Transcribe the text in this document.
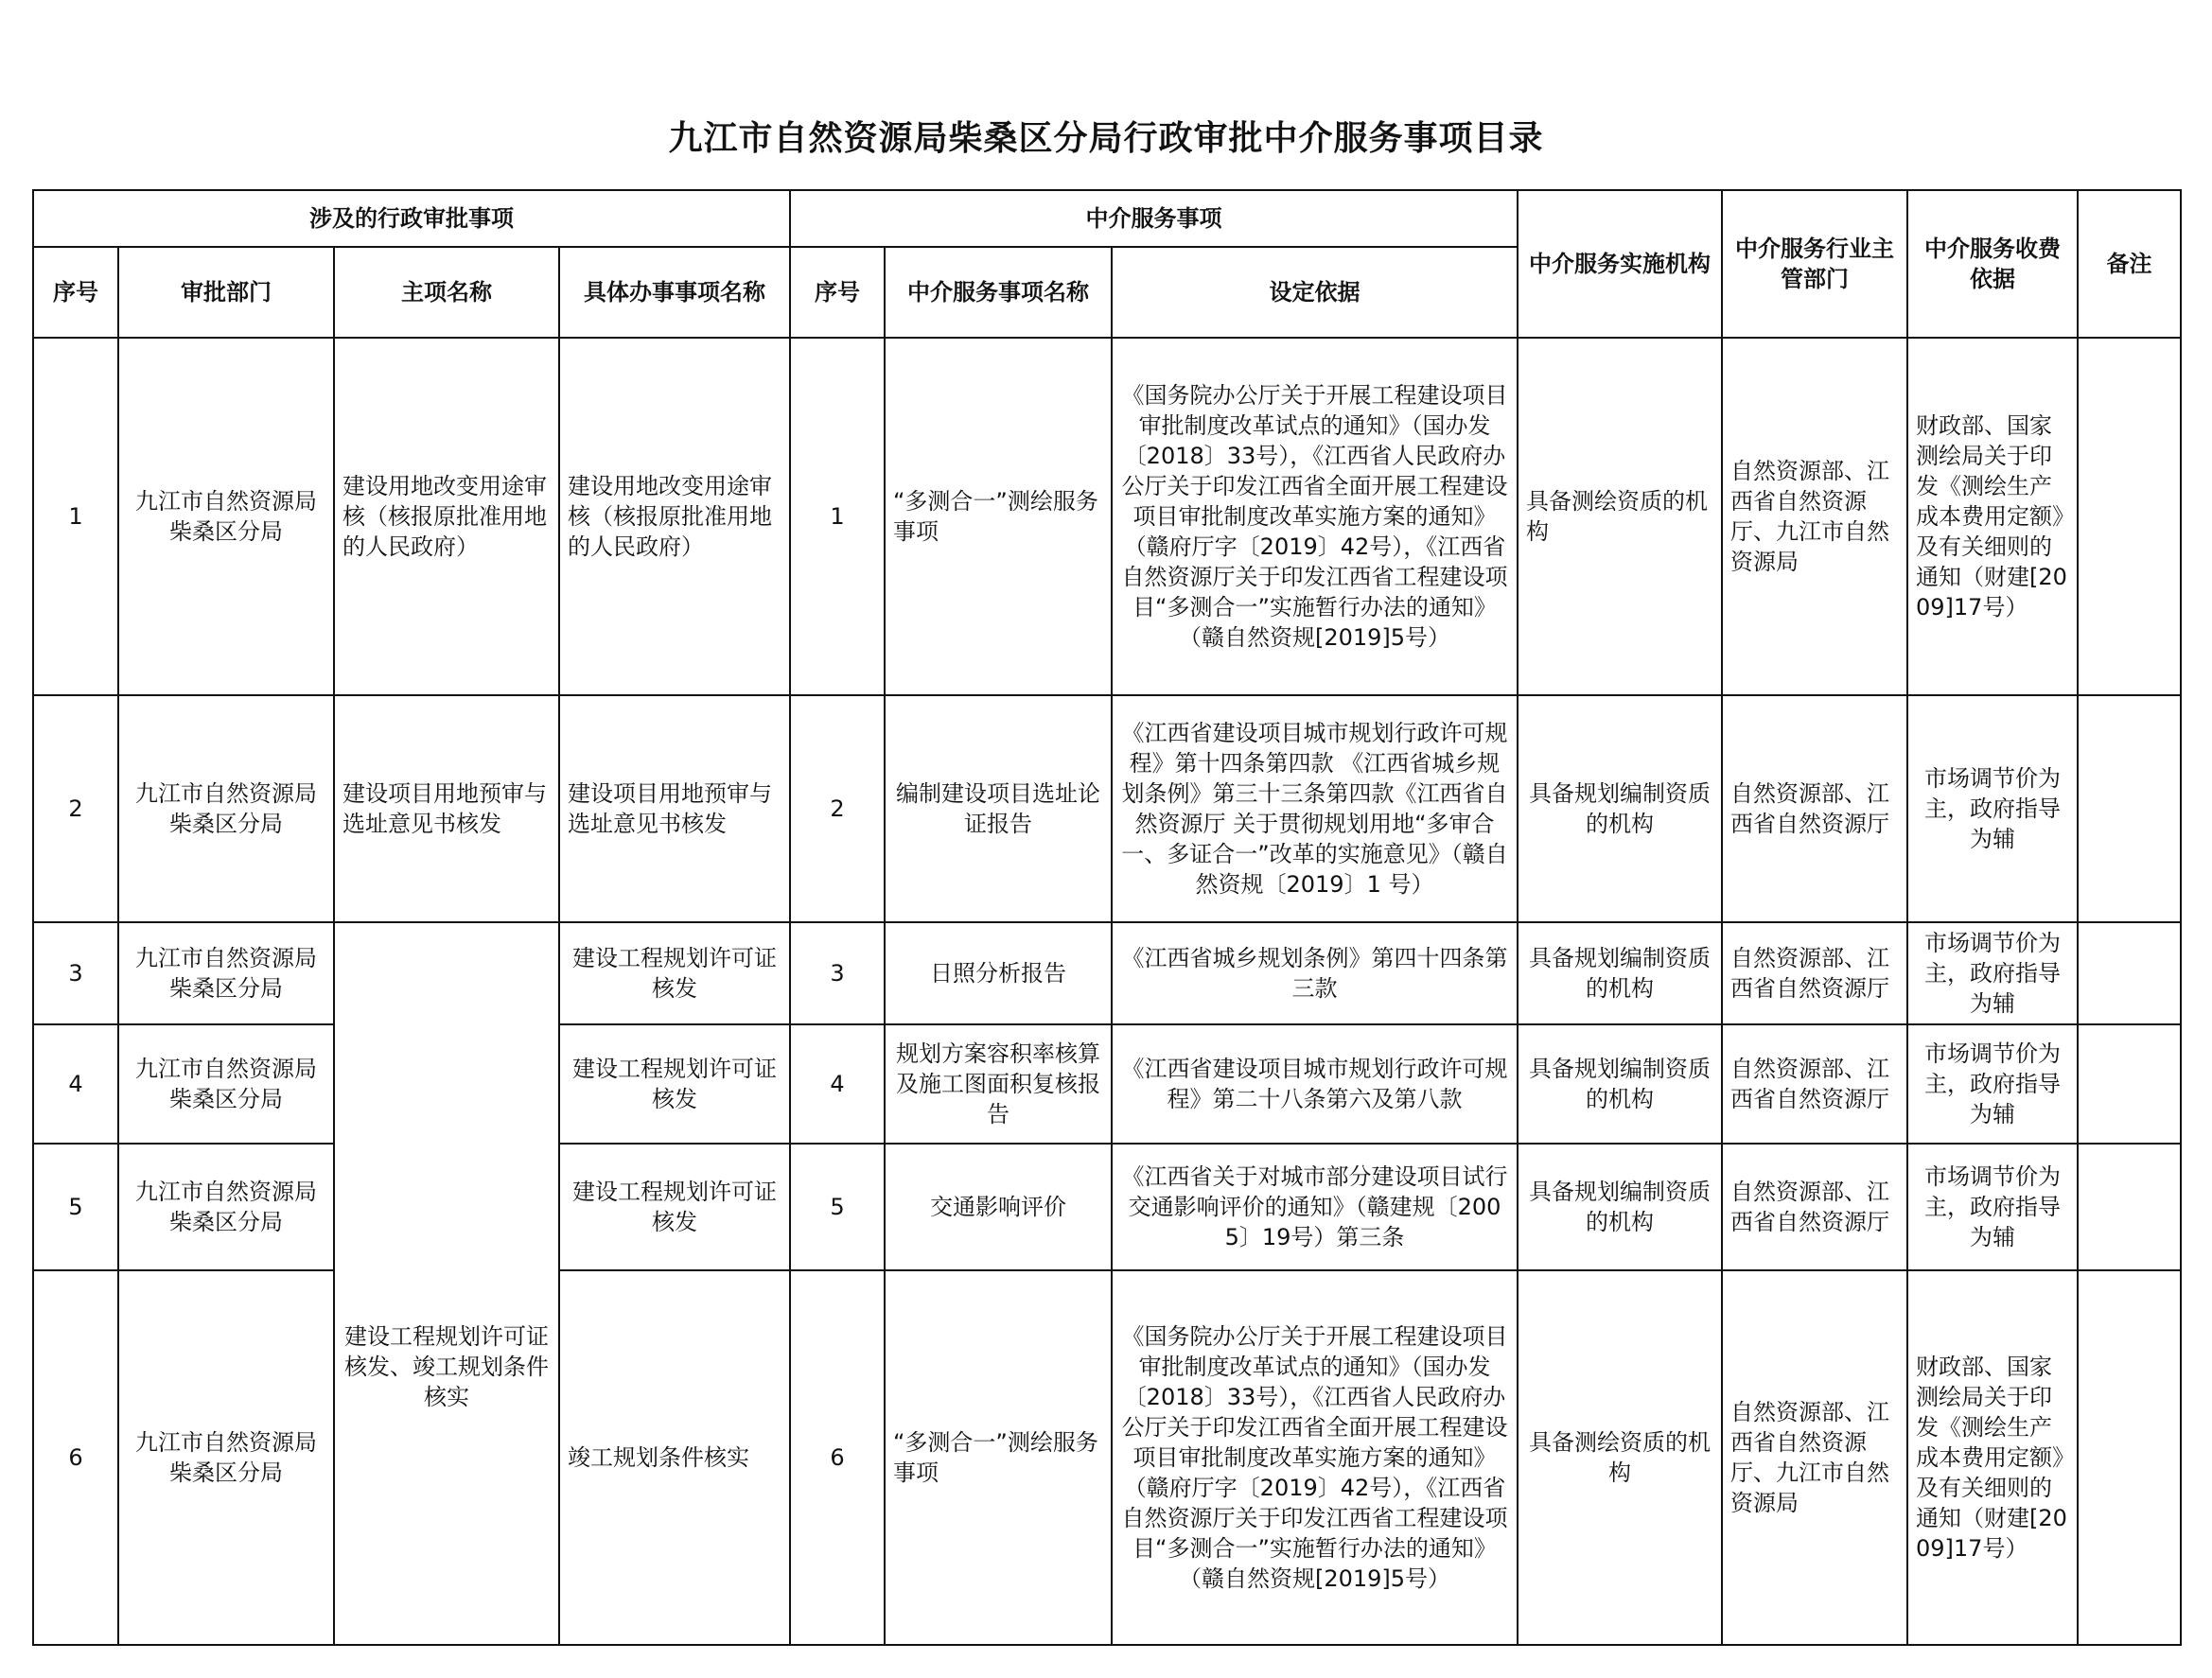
九江市自然资源局柴桑区分局行政审批中介服务事项目录
涉及的行政审批事项				中介服务事项			中介服务实施机构	中介服务行业主管部门	中介服务收费依据	备注
序号	审批部门	主项名称	具体办事事项名称	序号	中介服务事项名称	设定依据				
1	九江市自然资源局柴桑区分局	建设用地改变用途审核（核报原批准用地的人民政府）	建设用地改变用途审核（核报原批准用地的人民政府）	1	“多测合一”测绘服务事项	《国务院办公厅关于开展工程建设项目审批制度改革试点的通知》（国办发〔2018〕33号），《江西省人民政府办公厅关于印发江西省全面开展工程建设项目审批制度改革实施方案的通知》（赣府厅字〔2019〕42号），《江西省自然资源厅关于印发江西省工程建设项目“多测合一”实施暂行办法的通知》（赣自然资规[2019]5号）	具备测绘资质的机构	自然资源部、江西省自然资源厅、九江市自然资源局	财政部、国家测绘局关于印发《测绘生产成本费用定额》及有关细则的通知（财建[2009]17号）	
2	九江市自然资源局柴桑区分局	建设项目用地预审与选址意见书核发	建设项目用地预审与选址意见书核发	2	编制建设项目选址论证报告	《江西省建设项目城市规划行政许可规程》第十四条第四款 《江西省城乡规划条例》第三十三条第四款《江西省自然资源厅 关于贯彻规划用地“多审合一、多证合一”改革的实施意见》（赣自然资规〔2019〕1 号）	具备规划编制资质的机构	自然资源部、江西省自然资源厅	市场调节价为主，政府指导为辅	
3	九江市自然资源局柴桑区分局	建设工程规划许可证核发、竣工规划条件核实	建设工程规划许可证核发	3	日照分析报告	《江西省城乡规划条例》第四十四条第三款	具备规划编制资质的机构	自然资源部、江西省自然资源厅	市场调节价为主，政府指导为辅	
4	九江市自然资源局柴桑区分局		建设工程规划许可证核发	4	规划方案容积率核算及施工图面积复核报告	《江西省建设项目城市规划行政许可规程》第二十八条第六及第八款	具备规划编制资质的机构	自然资源部、江西省自然资源厅	市场调节价为主，政府指导为辅	
5	九江市自然资源局柴桑区分局		建设工程规划许可证核发	5	交通影响评价	《江西省关于对城市部分建设项目试行交通影响评价的通知》（赣建规〔2005〕19号）第三条	具备规划编制资质的机构	自然资源部、江西省自然资源厅	市场调节价为主，政府指导为辅	
6	九江市自然资源局柴桑区分局		竣工规划条件核实	6	“多测合一”测绘服务事项	《国务院办公厅关于开展工程建设项目审批制度改革试点的通知》（国办发〔2018〕33号），《江西省人民政府办公厅关于印发江西省全面开展工程建设项目审批制度改革实施方案的通知》（赣府厅字〔2019〕42号），《江西省自然资源厅关于印发江西省工程建设项目“多测合一”实施暂行办法的通知》（赣自然资规[2019]5号）	具备测绘资质的机构	自然资源部、江西省自然资源厅、九江市自然资源局	财政部、国家测绘局关于印发《测绘生产成本费用定额》及有关细则的通知（财建[2009]17号）	
